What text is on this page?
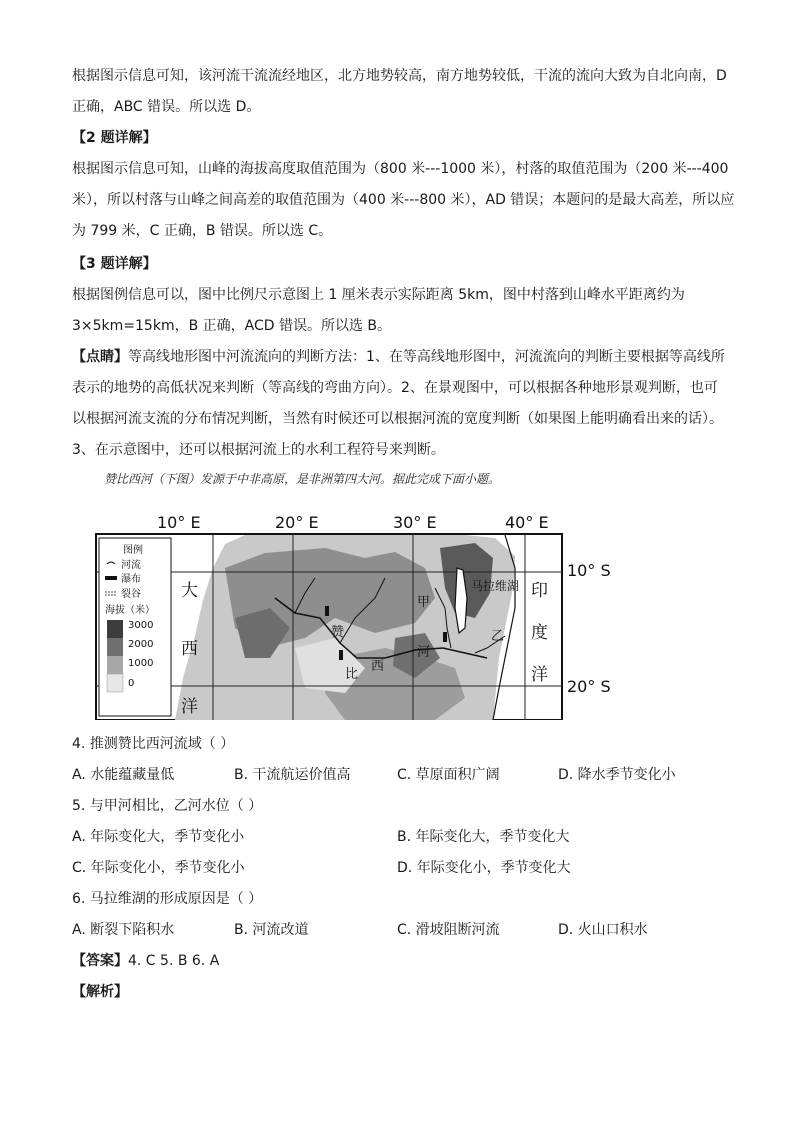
根据图示信息可知，该河流干流流经地区，北方地势较高，南方地势较低，干流的流向大致为自北向南，D
正确，ABC 错误。所以选 D。
【2 题详解】
根据图示信息可知，山峰的海拔高度取值范围为（800 米---1000 米），村落的取值范围为（200 米---400
米），所以村落与山峰之间高差的取值范围为（400 米---800 米），AD 错误；本题问的是最大高差，所以应
为 799 米，C 正确，B 错误。所以选 C。
【3 题详解】
根据图例信息可以，图中比例尺示意图上 1 厘米表示实际距离 5km，图中村落到山峰水平距离约为
3×5km=15km，B 正确，ACD 错误。所以选 B。
【点睛】等高线地形图中河流流向的判断方法：1、在等高线地形图中，河流流向的判断主要根据等高线所
表示的地势的高低状况来判断（等高线的弯曲方向）。2、在景观图中，可以根据各种地形景观判断，也可
以根据河流支流的分布情况判断，当然有时候还可以根据河流的宽度判断（如果图上能明确看出来的话）。
3、在示意图中，还可以根据河流上的水利工程符号来判断。
赞比西河（下图）发源于中非高原，是非洲第四大河。据此完成下面小题。
10° E	20° E	30° E	40° E
图例
河流
瀑布
裂谷
海拔（米）
3000
2000
1000
0
大
西
洋
印
度
洋
马拉维湖
甲
河
乙
赞
比
西
10° S
20° S
4. 推测赞比西河流域（ ）
A. 水能蕴藏量低	B. 干流航运价值高	C. 草原面积广阔	D. 降水季节变化小
5. 与甲河相比，乙河水位（ ）
A. 年际变化大，季节变化小	B. 年际变化大，季节变化大
C. 年际变化小，季节变化小	D. 年际变化小，季节变化大
6. 马拉维湖的形成原因是（ ）
A. 断裂下陷积水	B. 河流改道	C. 滑坡阻断河流	D. 火山口积水
【答案】4. C 5. B 6. A
【解析】
